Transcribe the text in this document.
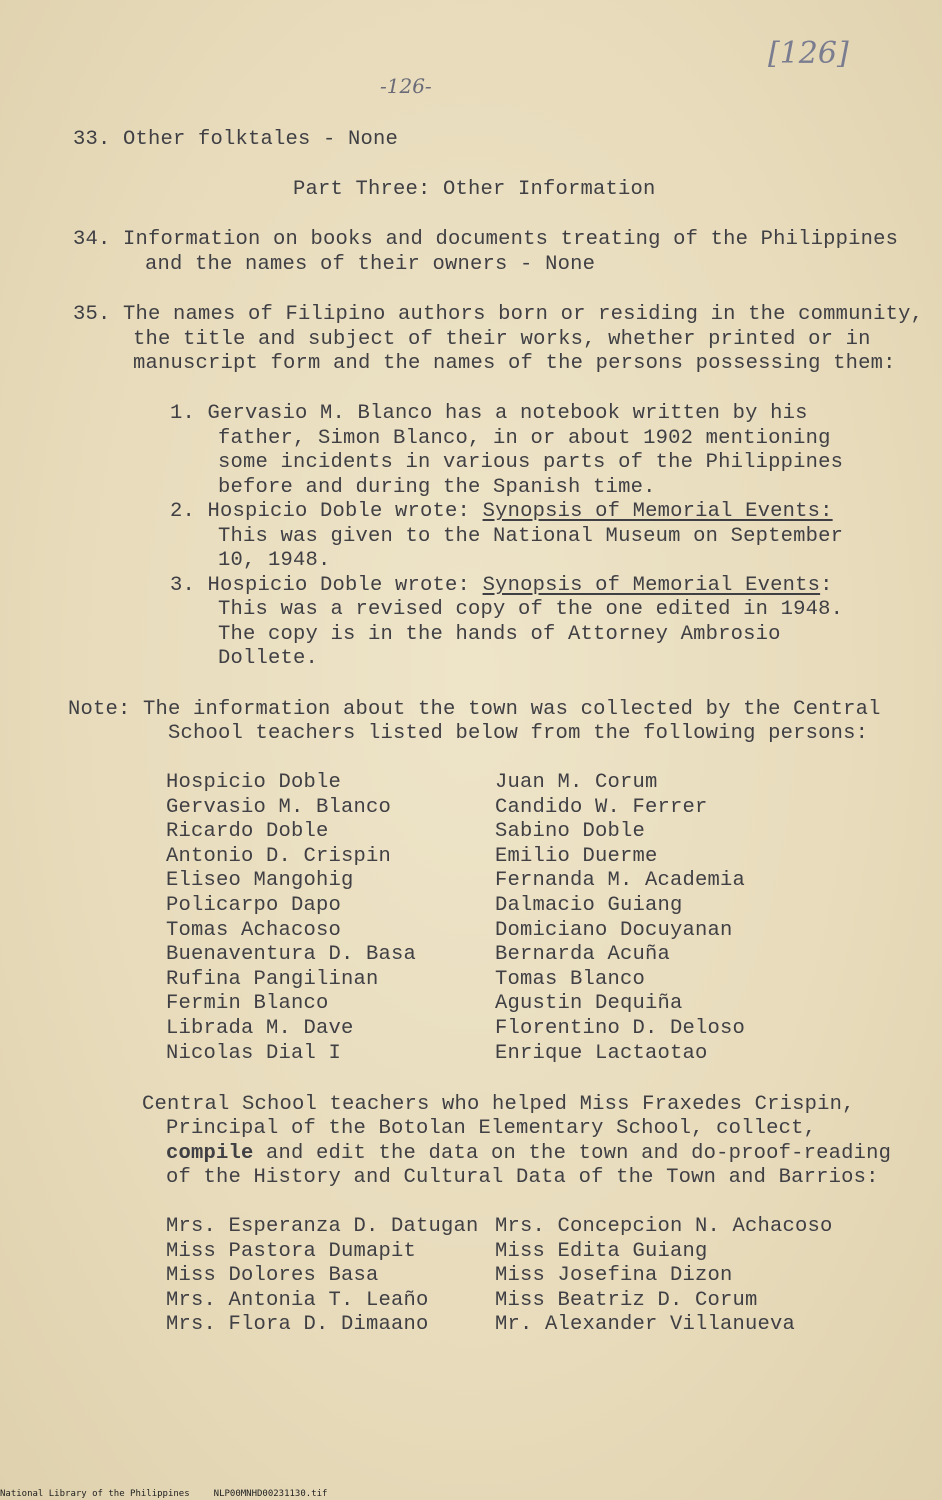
-126-
[126]
33. Other folktales - None
Part Three: Other Information
34. Information on books and documents treating of the Philippines
and the names of their owners - None
35. The names of Filipino authors born or residing in the community,
the title and subject of their works, whether printed or in
manuscript form and the names of the persons possessing them:
1. Gervasio M. Blanco has a notebook written by his
father, Simon Blanco, in or about 1902 mentioning
some incidents in various parts of the Philippines
before and during the Spanish time.
2. Hospicio Doble wrote: Synopsis of Memorial Events:
This was given to the National Museum on September
10, 1948.
3. Hospicio Doble wrote: Synopsis of Memorial Events:
This was a revised copy of the one edited in 1948.
The copy is in the hands of Attorney Ambrosio
Dollete.
Note: The information about the town was collected by the Central
School teachers listed below from the following persons:
Hospicio Doble
Gervasio M. Blanco
Ricardo Doble
Antonio D. Crispin
Eliseo Mangohig
Policarpo Dapo
Tomas Achacoso
Buenaventura D. Basa
Rufina Pangilinan
Fermin Blanco
Librada M. Dave
Nicolas Dial I
Juan M. Corum
Candido W. Ferrer
Sabino Doble
Emilio Duerme
Fernanda M. Academia
Dalmacio Guiang
Domiciano Docuyanan
Bernarda Acuña
Tomas Blanco
Agustin Dequiña
Florentino D. Deloso
Enrique Lactaotao
Central School teachers who helped Miss Fraxedes Crispin,
Principal of the Botolan Elementary School, collect,
compile and edit the data on the town and do-proof-reading
of the History and Cultural Data of the Town and Barrios:
Mrs. Esperanza D. Datugan
Miss Pastora Dumapit
Miss Dolores Basa
Mrs. Antonia T. Leaño
Mrs. Flora D. Dimaano
Mrs. Concepcion N. Achacoso
Miss Edita Guiang
Miss Josefina Dizon
Miss Beatriz D. Corum
Mr. Alexander Villanueva
National Library of the Philippines	NLP00MNHD00231130.tif
